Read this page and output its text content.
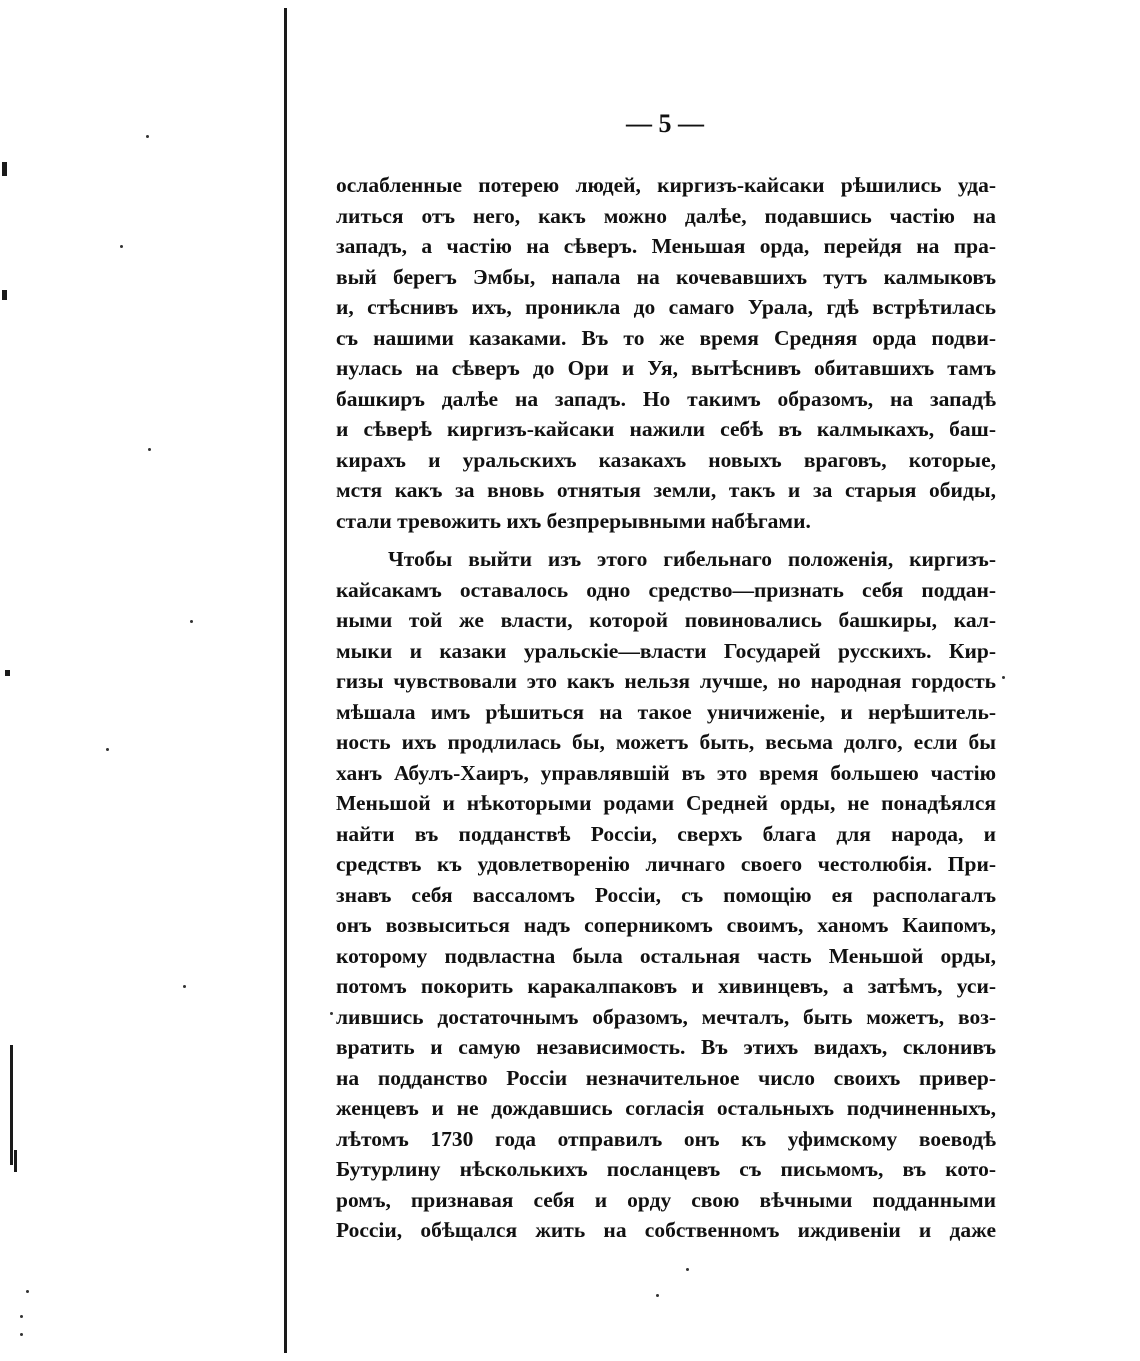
— 5 —
ослабленные потерею людей, киргизъ-кайсаки рѣшились уда-
литься отъ него, какъ можно далѣе, подавшись частію на
западъ, а частію на сѣверъ. Меньшая орда, перейдя на пра-
вый берегъ Эмбы, напала на кочевавшихъ тутъ калмыковъ
и, стѣснивъ ихъ, проникла до самаго Урала, гдѣ встрѣтилась
съ нашими казаками. Въ то же время Средняя орда подви-
нулась на сѣверъ до Ори и Уя, вытѣснивъ обитавшихъ тамъ
башкиръ далѣе на западъ. Но такимъ образомъ, на западѣ
и сѣверѣ киргизъ-кайсаки нажили себѣ въ калмыкахъ, баш-
кирахъ и уральскихъ казакахъ новыхъ враговъ, которые,
мстя какъ за вновь отнятыя земли, такъ и за старыя обиды,
стали тревожить ихъ безпрерывными набѣгами.
Чтобы выйти изъ этого гибельнаго положенія, киргизъ-
кайсакамъ оставалось одно средство—признать себя поддан-
ными той же власти, которой повиновались башкиры, кал-
мыки и казаки уральскіе—власти Государей русскихъ. Кир-
гизы чувствовали это какъ нельзя лучше, но народная гордость
мѣшала имъ рѣшиться на такое уничиженіе, и нерѣшитель-
ность ихъ продлилась бы, можетъ быть, весьма долго, если бы
ханъ Абулъ-Хаиръ, управлявшій въ это время большею частію
Меньшой и нѣкоторыми родами Средней орды, не понадѣялся
найти въ подданствѣ Россіи, сверхъ блага для народа, и
средствъ къ удовлетворенію личнаго своего честолюбія. При-
знавъ себя вассаломъ Россіи, съ помощію ея располагалъ
онъ возвыситься надъ соперникомъ своимъ, ханомъ Каипомъ,
которому подвластна была остальная часть Меньшой орды,
потомъ покорить каракалпаковъ и хивинцевъ, а затѣмъ, уси-
лившись достаточнымъ образомъ, мечталъ, быть можетъ, воз-
вратить и самую независимость. Въ этихъ видахъ, склонивъ
на подданство Россіи незначительное число своихъ привер-
женцевъ и не дождавшись согласія остальныхъ подчиненныхъ,
лѣтомъ 1730 года отправилъ онъ къ уфимскому воеводѣ
Бутурлину нѣсколькихъ посланцевъ съ письмомъ, въ кото-
ромъ, признавая себя и орду свою вѣчными подданными
Россіи, обѣщался жить на собственномъ иждивеніи и даже
